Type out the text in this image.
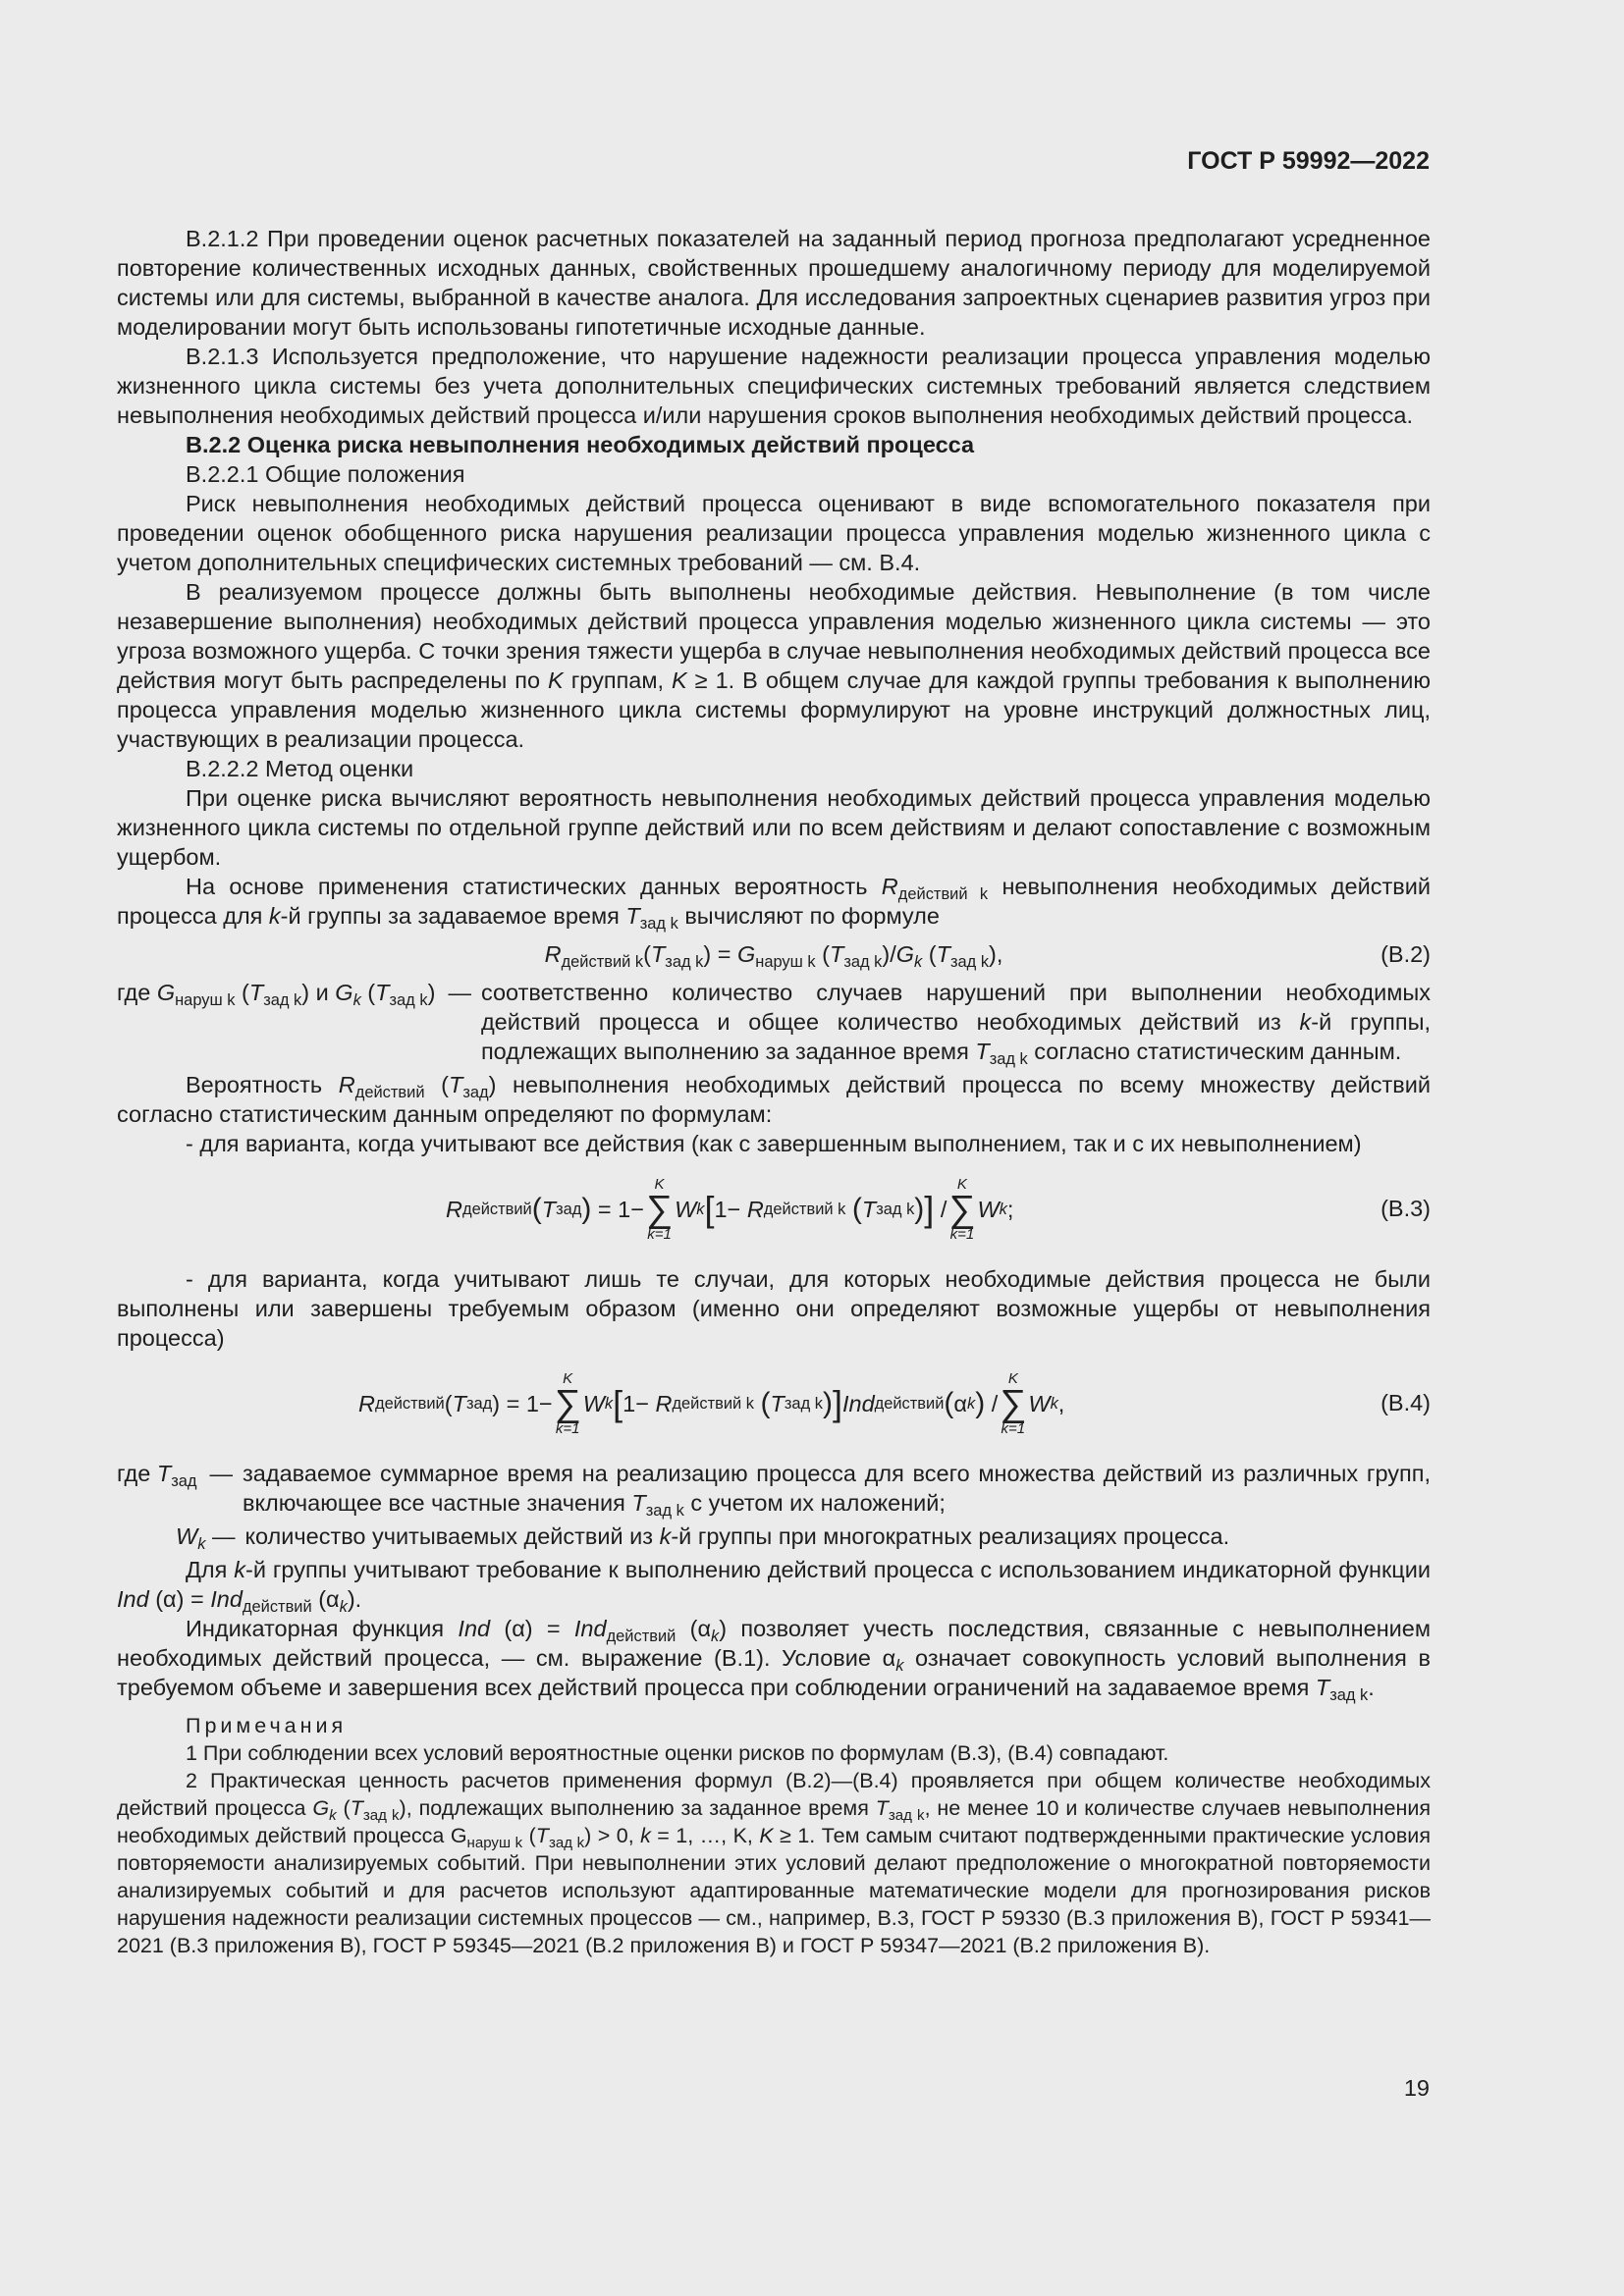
ГОСТ Р 59992—2022

В.2.1.2 При проведении оценок расчетных показателей на заданный период прогноза предполагают усредненное повторение количественных исходных данных, свойственных прошедшему аналогичному периоду для моделируемой системы или для системы, выбранной в качестве аналога. Для исследования запроектных сценариев развития угроз при моделировании могут быть использованы гипотетичные исходные данные.

В.2.1.3 Используется предположение, что нарушение надежности реализации процесса управления моделью жизненного цикла системы без учета дополнительных специфических системных требований является следствием невыполнения необходимых действий процесса и/или нарушения сроков выполнения необходимых действий процесса.

В.2.2 Оценка риска невыполнения необходимых действий процесса

В.2.2.1 Общие положения

Риск невыполнения необходимых действий процесса оценивают в виде вспомогательного показателя при проведении оценок обобщенного риска нарушения реализации процесса управления моделью жизненного цикла с учетом дополнительных специфических системных требований — см. В.4.

В реализуемом процессе должны быть выполнены необходимые действия. Невыполнение (в том числе незавершение выполнения) необходимых действий процесса управления моделью жизненного цикла системы — это угроза возможного ущерба. С точки зрения тяжести ущерба в случае невыполнения необходимых действий процесса все действия могут быть распределены по K группам, K ≥ 1. В общем случае для каждой группы требования к выполнению процесса управления моделью жизненного цикла системы формулируют на уровне инструкций должностных лиц, участвующих в реализации процесса.

В.2.2.2 Метод оценки

При оценке риска вычисляют вероятность невыполнения необходимых действий процесса управления моделью жизненного цикла системы по отдельной группе действий или по всем действиям и делают сопоставление с возможным ущербом.

На основе применения статистических данных вероятность $R_{действий k}$ невыполнения необходимых действий процесса для k-й группы за задаваемое время $T_{зад k}$ вычисляют по формуле

$R_{действий k}(T_{зад k}) = G_{наруш k}$ $(T_{зад k})/G_k$ $(T_{зад k})$,	(В.2)
где $G_{наруш k}$ $(T_{зад k})$ и $G_k$ $(T_{зад k})$  — соответственно количество случаев нарушений при выполнении необходимых действий процесса и общее количество необходимых действий из k-й группы, подлежащих выполнению за заданное время $T_{зад k}$ согласно статистическим данным.

Вероятность $R_{действий}$ $(T_{зад})$ невыполнения необходимых действий процесса по всему множеству действий согласно статистическим данным определяют по формулам:

- для варианта, когда учитывают все действия (как с завершенным выполнением, так и с их невыполнением)

R действий ( T зад ) = 1−
K
∑
k=1
W k [ 1− R действий k
( T зад k ) ] /
K
∑
k=1
W k ;	(В.3)

- для варианта, когда учитывают лишь те случаи, для которых необходимые действия процесса не были выполнены или завершены требуемым образом (именно они определяют возможные ущербы от невыполнения процесса)

R действий ( T зад ) = 1−
K
∑
k=1
W k [ 1− R действий k
( T зад k ) ] Ind действий ( α k ) /
K
∑
k=1
W k ,	(В.4)
где $T_{зад}$ — задаваемое суммарное время на реализацию процесса для всего множества действий из различных групп, включающее все частные значения $T_{зад k}$ с учетом их наложений;
$W_k$ — количество учитываемых действий из k-й группы при многократных реализациях процесса.

Для k-й группы учитывают требование к выполнению действий процесса с использованием индикаторной функции Ind (α) = Ind$_{действий}$ $(\alpha_k)$.

Индикаторная функция Ind (α) = Ind$_{действий}$ $(\alpha_k)$ позволяет учесть последствия, связанные с невыполнением необходимых действий процесса, — см. выражение (В.1). Условие $\alpha_k$ означает совокупность условий выполнения в требуемом объеме и завершения всех действий процесса при соблюдении ограничений на задаваемое время $T_{зад k}$.

Примечания

1 При соблюдении всех условий вероятностные оценки рисков по формулам (В.3), (В.4) совпадают.

2 Практическая ценность расчетов применения формул (В.2)—(В.4) проявляется при общем количестве необходимых действий процесса $G_k$ $(T_{зад k})$, подлежащих выполнению за заданное время $T_{зад k}$, не менее 10 и количестве случаев невыполнения необходимых действий процесса $G_{наруш k}$ $(T_{зад k}) > 0$, k = 1, …, K, K ≥ 1. Тем самым считают подтвержденными практические условия повторяемости анализируемых событий. При невыполнении этих условий делают предположение о многократной повторяемости анализируемых событий и для расчетов используют адаптированные математические модели для прогнозирования рисков нарушения надежности реализации системных процессов — см., например, В.3, ГОСТ Р 59330 (В.3 приложения В), ГОСТ Р 59341—2021 (В.3 приложения В), ГОСТ Р 59345—2021 (В.2 приложения В) и ГОСТ Р 59347—2021 (В.2 приложения В).

19
